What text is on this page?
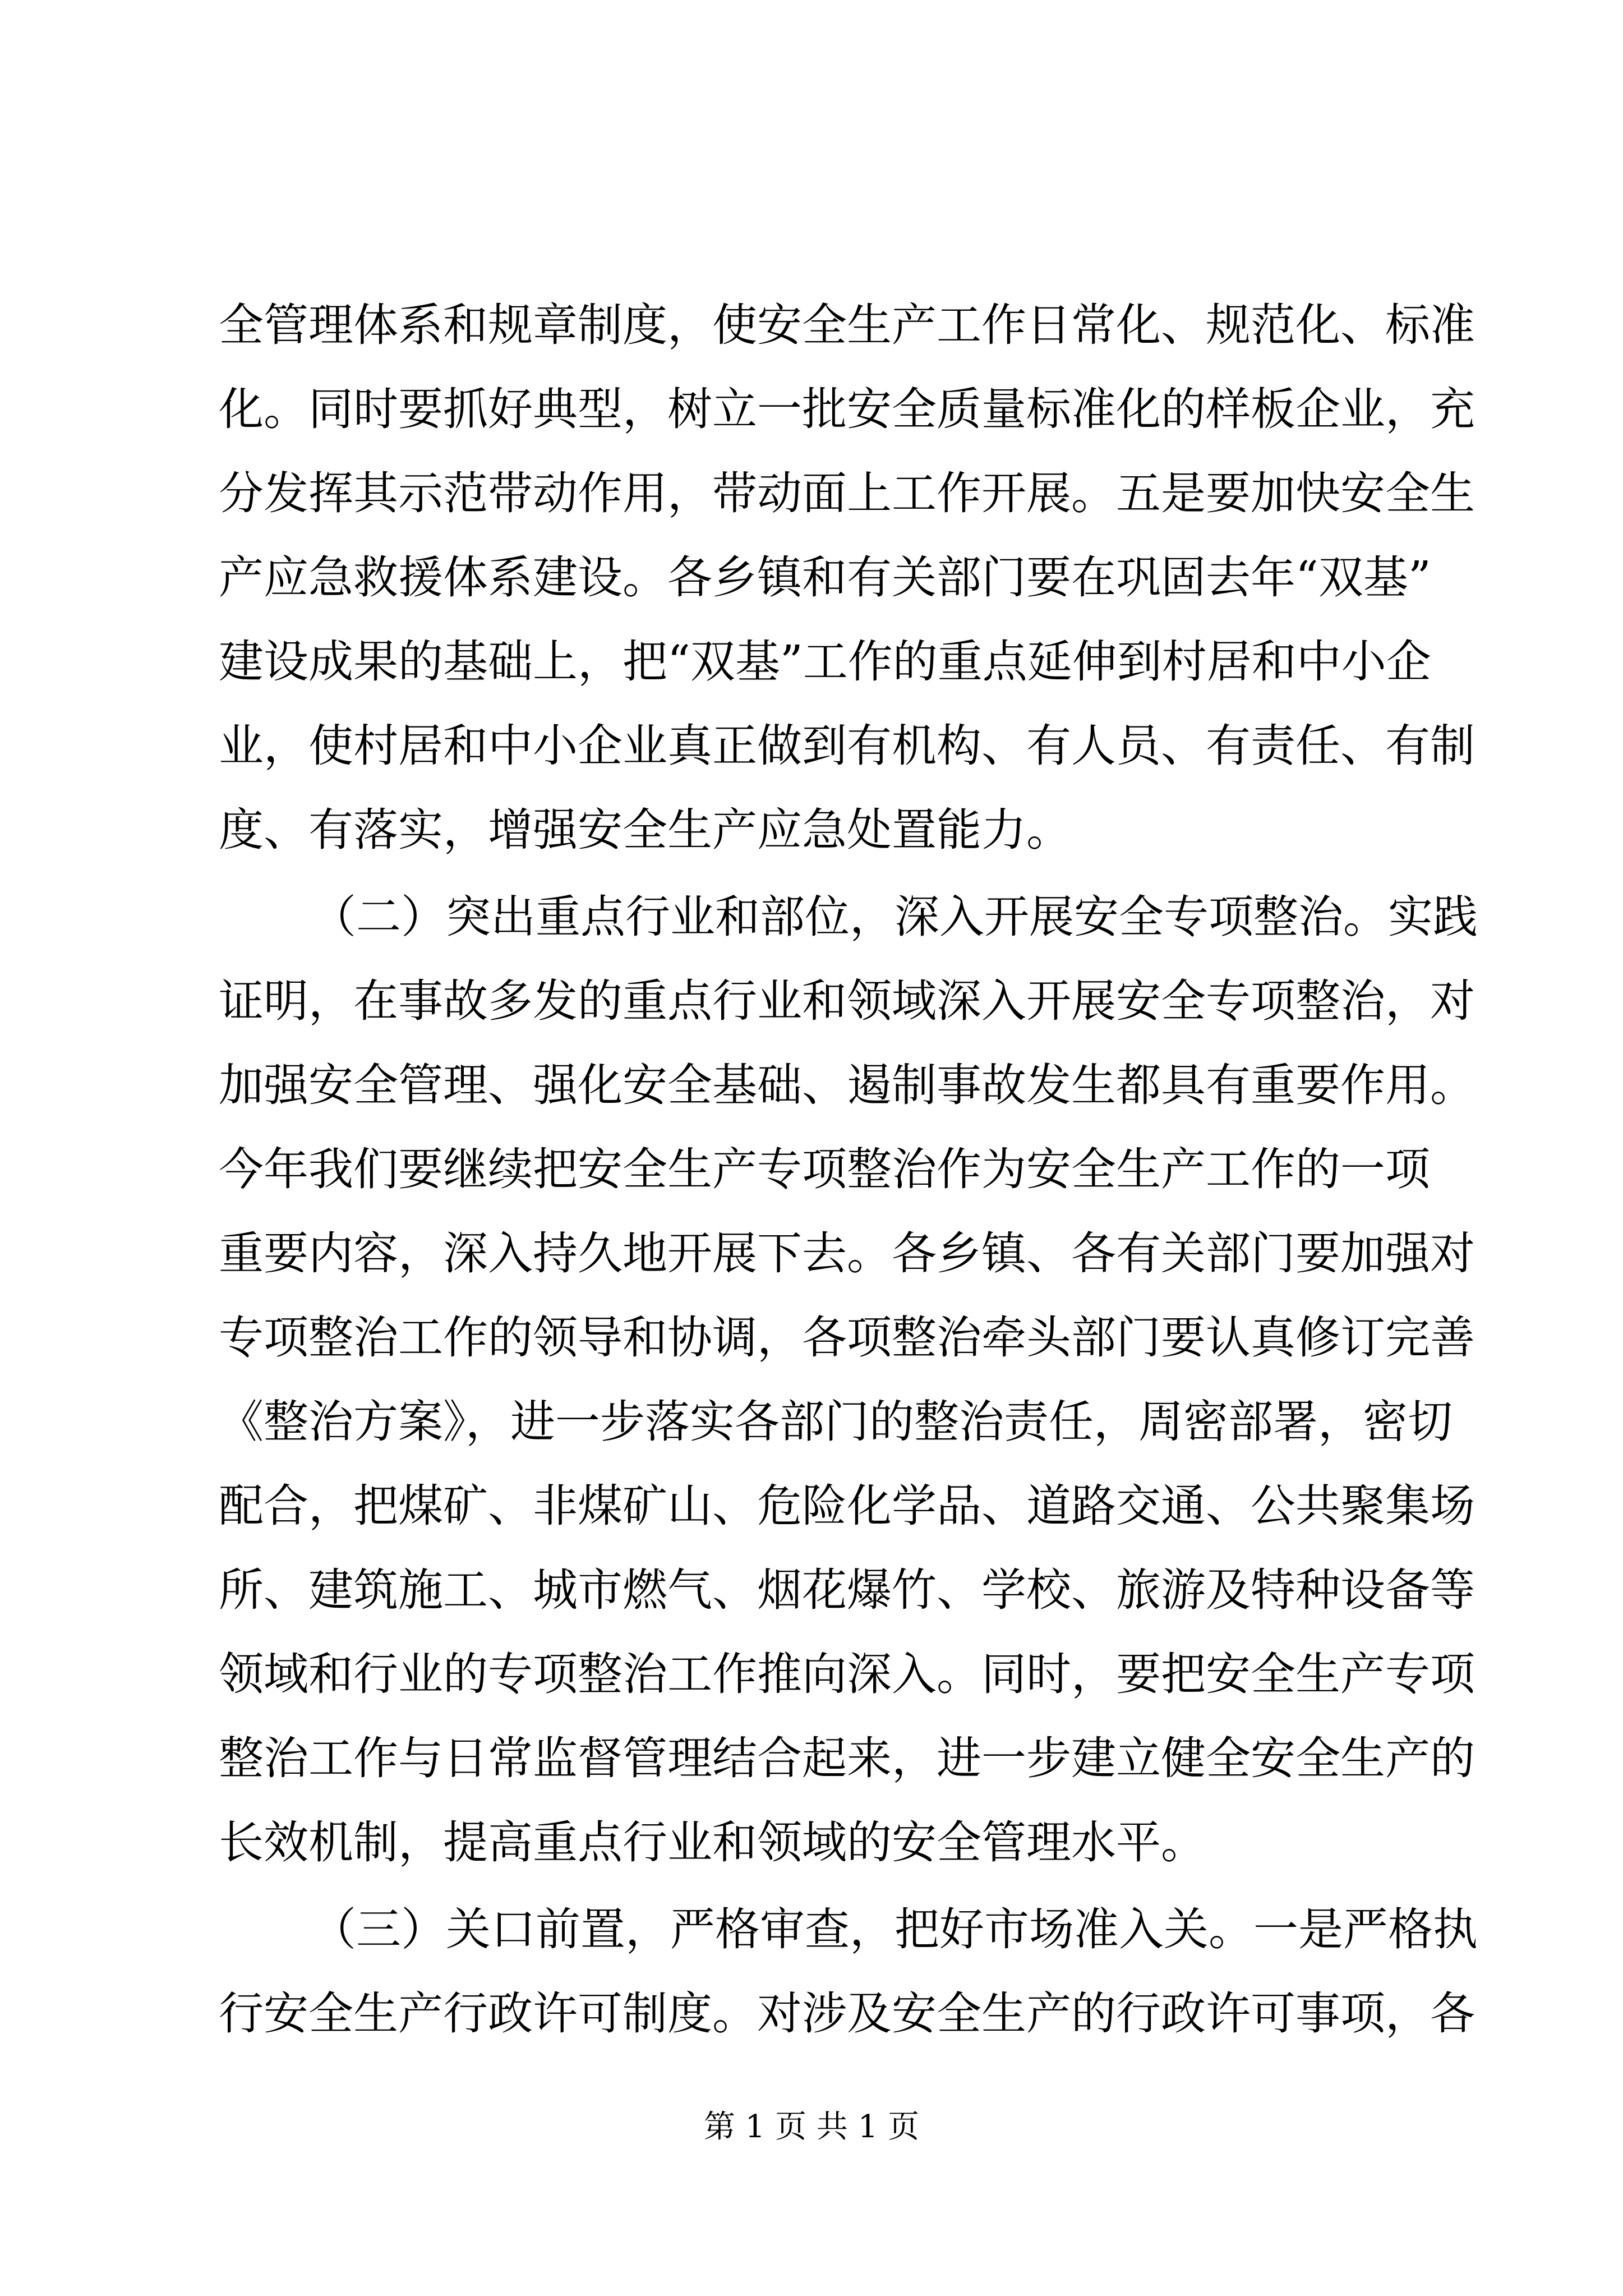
全管理体系和规章制度，使安全生产工作日常化、规范化、标准
化。同时要抓好典型，树立一批安全质量标准化的样板企业，充
分发挥其示范带动作用，带动面上工作开展。五是要加快安全生
产应急救援体系建设。各乡镇和有关部门要在巩固去年“双基”
建设成果的基础上，把“双基”工作的重点延伸到村居和中小企
业，使村居和中小企业真正做到有机构、有人员、有责任、有制
度、有落实，增强安全生产应急处置能力。
（二）突出重点行业和部位，深入开展安全专项整治。实践
证明，在事故多发的重点行业和领域深入开展安全专项整治，对
加强安全管理、强化安全基础、遏制事故发生都具有重要作用。
今年我们要继续把安全生产专项整治作为安全生产工作的一项
重要内容，深入持久地开展下去。各乡镇、各有关部门要加强对
专项整治工作的领导和协调，各项整治牵头部门要认真修订完善
《整治方案》，进一步落实各部门的整治责任，周密部署，密切
配合，把煤矿、非煤矿山、危险化学品、道路交通、公共聚集场
所、建筑施工、城市燃气、烟花爆竹、学校、旅游及特种设备等
领域和行业的专项整治工作推向深入。同时，要把安全生产专项
整治工作与日常监督管理结合起来，进一步建立健全安全生产的
长效机制，提高重点行业和领域的安全管理水平。
（三）关口前置，严格审查，把好市场准入关。一是严格执
行安全生产行政许可制度。对涉及安全生产的行政许可事项，各
第 1 页 共 1 页
